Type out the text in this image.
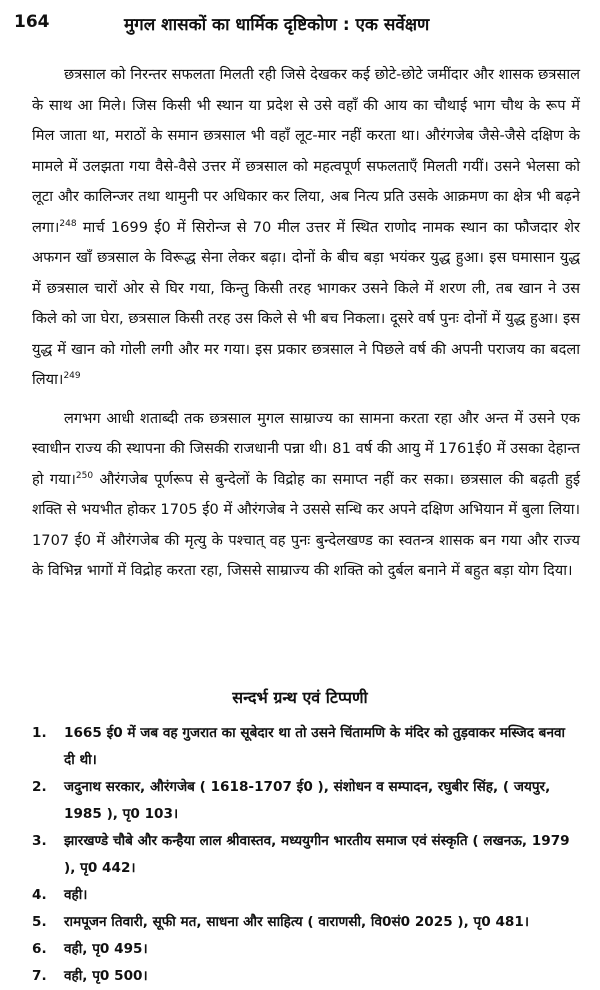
164	मुगल शासकों का धार्मिक दृष्टिकोण : एक सर्वेक्षण

छत्रसाल को निरन्तर सफलता मिलती रही जिसे देखकर कई छोटे-छोटे जमींदार और शासक छत्रसाल के साथ आ मिले। जिस किसी भी स्थान या प्रदेश से उसे वहाँ की आय का चौथाई भाग चौथ के रूप में मिल जाता था, मराठों के समान छत्रसाल भी वहाँ लूट-मार नहीं करता था। औरंगजेब जैसे-जैसे दक्षिण के मामले में उलझता गया वैसे-वैसे उत्तर में छत्रसाल को महत्वपूर्ण सफलताएँ मिलती गयीं। उसने भेलसा को लूटा और कालिन्जर तथा थामुनी पर अधिकार कर लिया, अब नित्य प्रति उसके आक्रमण का क्षेत्र भी बढ़ने लगा।$^{248}$ मार्च 1699 ई0 में सिरोन्ज से 70 मील उत्तर में स्थित राणोद नामक स्थान का फौजदार शेर अफगन खाँ छत्रसाल के विरूद्ध सेना लेकर बढ़ा। दोनों के बीच बड़ा भयंकर युद्ध हुआ। इस घमासान युद्ध में छत्रसाल चारों ओर से घिर गया, किन्तु किसी तरह भागकर उसने किले में शरण ली, तब खान ने उस किले को जा घेरा, छत्रसाल किसी तरह उस किले से भी बच निकला। दूसरे वर्ष पुनः दोनों में युद्ध हुआ। इस युद्ध में खान को गोली लगी और मर गया। इस प्रकार छत्रसाल ने पिछले वर्ष की अपनी पराजय का बदला लिया।$^{249}$

लगभग आधी शताब्दी तक छत्रसाल मुगल साम्राज्य का सामना करता रहा और अन्त में उसने एक स्वाधीन राज्य की स्थापना की जिसकी राजधानी पन्ना थी। 81 वर्ष की आयु में 1761ई0 में उसका देहान्त हो गया।$^{250}$ औरंगजेब पूर्णरूप से बुन्देलों के विद्रोह का समाप्त नहीं कर सका। छत्रसाल की बढ़ती हुई शक्ति से भयभीत होकर 1705 ई0 में औरंगजेब ने उससे सन्धि कर अपने दक्षिण अभियान में बुला लिया। 1707 ई0 में औरंगजेब की मृत्यु के पश्चात् वह पुनः बुन्देलखण्ड का स्वतन्त्र शासक बन गया और राज्य के विभिन्न भागों में विद्रोह करता रहा, जिससे साम्राज्य की शक्ति को दुर्बल बनाने में बहुत बड़ा योग दिया।

सन्दर्भ ग्रन्थ एवं टिप्पणी
1. 1665 ई0 में जब वह गुजरात का सूबेदार था तो उसने चिंतामणि के मंदिर को तुड़वाकर मस्जिद बनवा दी थी।
2. जदुनाथ सरकार, औरंगजेब ( 1618-1707 ई0 ), संशोधन व सम्पादन, रघुबीर सिंह, ( जयपुर, 1985 ), पृ0 103।
3. झारखण्डे चौबे और कन्हैया लाल श्रीवास्तव, मध्ययुगीन भारतीय समाज एवं संस्कृति ( लखनऊ, 1979 ), पृ0 442।
4. वही।
5. रामपूजन तिवारी, सूफी मत, साधना और साहित्य ( वाराणसी, वि0सं0 2025 ), पृ0 481।
6. वही, पृ0 495।
7. वही, पृ0 500।
